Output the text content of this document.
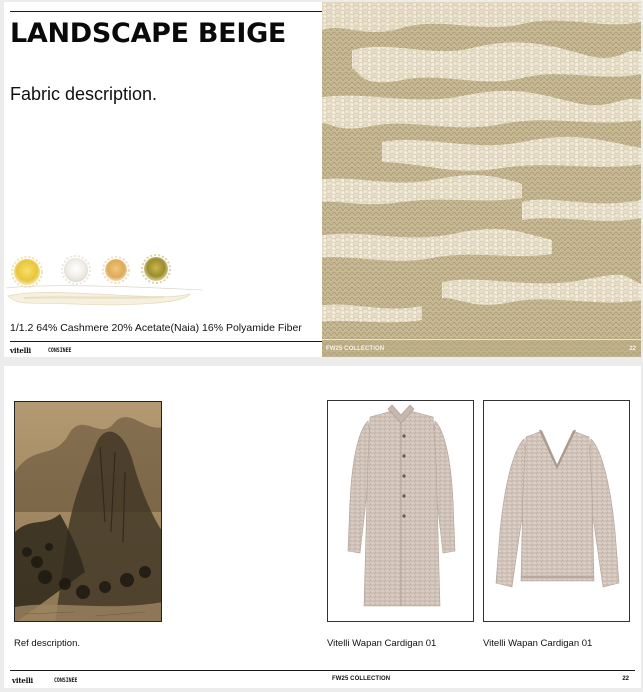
LANDSCAPE BEIGE
Fabric description.
1/1.2 64% Cashmere 20% Acetate(Naia) 16% Polyamide Fiber
vitelli	CONSINEE	FW25 COLLECTION	22
Ref description.	Vitelli Wapan Cardigan 01	Vitelli Wapan Cardigan 01
vitelli	CONSINEE	FW25 COLLECTION	22
